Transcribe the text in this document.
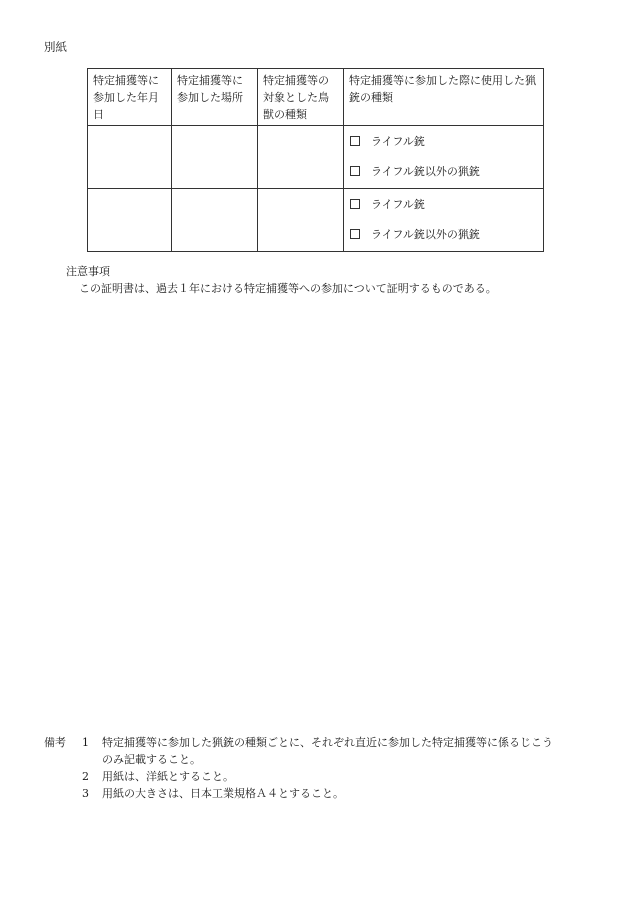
別紙
特定捕獲等に参加した年月日	特定捕獲等に参加した場所	特定捕獲等の対象とした鳥獣の種類	特定捕獲等に参加した際に使用した猟銃の種類

			ライフル銃
ライフル銃以外の猟銃

			ライフル銃
ライフル銃以外の猟銃
注意事項
この証明書は、過去１年における特定捕獲等への参加について証明するものである。
備考	1	特定捕獲等に参加した猟銃の種類ごとに、それぞれ直近に参加した特定捕獲等に係るじこう
のみ記載すること。
2	用紙は、洋紙とすること。
3	用紙の大きさは、日本工業規格Ａ４とすること。
